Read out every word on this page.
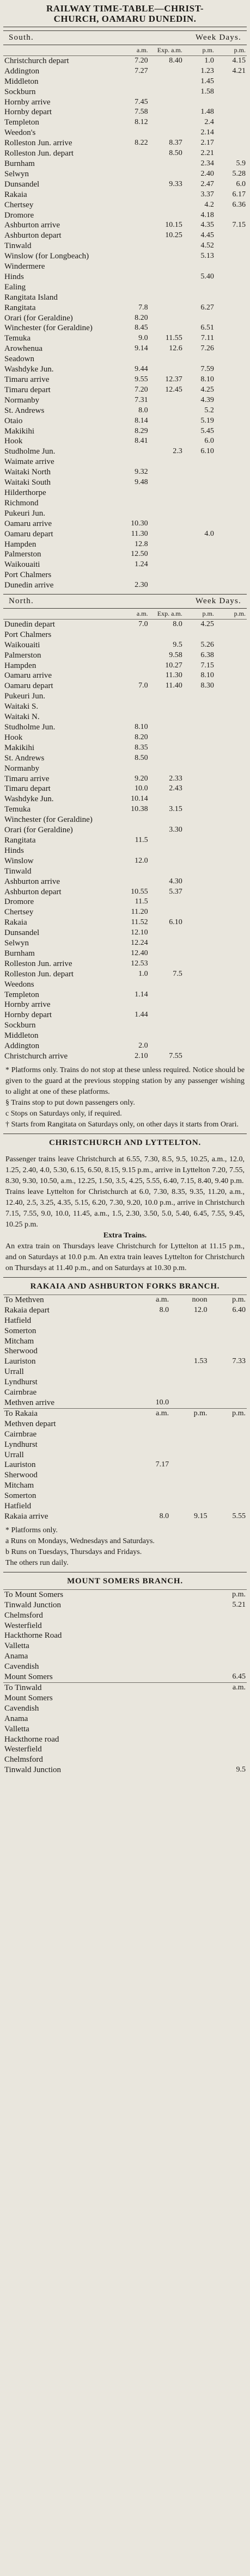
RAILWAY TIME-TABLE—CHRIST-
CHURCH, OAMARU DUNEDIN.
South.	Week Days.
	a.m.	Exp. a.m.	p.m.	p.m.
Christchurch depart	7.20	8.40	1.0	4.15
Addington	7.27		1.23	4.21
Middleton			1.45	
Sockburn			1.58	
Hornby arrive	7.45			
Hornby depart	7.58		1.48	
Templeton	8.12		2.4	
Weedon's			2.14	
Rolleston Jun. arrive	8.22	8.37	2.17	
Rolleston Jun. depart		8.50	2.21	
Burnham			2.34	5.9
Selwyn			2.40	5.28
Dunsandel		9.33	2.47	6.0
Rakaia			3.37	6.17
Chertsey			4.2	6.36
Dromore			4.18	
Ashburton arrive		10.15	4.35	7.15
Ashburton depart		10.25	4.45	
Tinwald			4.52	
Winslow (for Longbeach)			5.13	
Windermere				
Hinds			5.40	
Ealing				
Rangitata Island				
Rangitata	7.8		6.27	
Orari (for Geraldine)	8.20			
Winchester (for Geraldine)	8.45		6.51	
Temuka	9.0	11.55	7.11	
Arowhenua	9.14	12.6	7.26	
Seadown				
Washdyke Jun.	9.44		7.59	
Timaru arrive	9.55	12.37	8.10	
Timaru depart	7.20	12.45	4.25	
Normanby	7.31		4.39	
St. Andrews	8.0		5.2	
Otaio	8.14		5.19	
Makikihi	8.29		5.45	
Hook	8.41		6.0	
Studholme Jun.		2.3	6.10	
Waimate arrive				
Waitaki North	9.32			
Waitaki South	9.48			
Hilderthorpe				
Richmond				
Pukeuri Jun.				
Oamaru arrive	10.30			
Oamaru depart	11.30		4.0	
Hampden	12.8			
Palmerston	12.50			
Waikouaiti	1.24			
Port Chalmers				
Dunedin arrive	2.30			
North.	Week Days.
	a.m.	Exp. a.m.	p.m.	p.m.
Dunedin depart	7.0	8.0	4.25	
Port Chalmers				
Waikouaiti		9.5	5.26	
Palmerston		9.58	6.38	
Hampden		10.27	7.15	
Oamaru arrive		11.30	8.10	
Oamaru depart	7.0	11.40	8.30	
Pukeuri Jun.				
Waitaki S.				
Waitaki N.				
Studholme Jun.	8.10			
Hook	8.20			
Makikihi	8.35			
St. Andrews	8.50			
Normanby				
Timaru arrive	9.20	2.33		
Timaru depart	10.0	2.43		
Washdyke Jun.	10.14			
Temuka	10.38	3.15		
Winchester (for Geraldine)				
Orari (for Geraldine)		3.30		
Rangitata	11.5			
Hinds				
Winslow	12.0			
Tinwald				
Ashburton arrive		4.30		
Ashburton depart	10.55	5.37		
Dromore	11.5			
Chertsey	11.20			
Rakaia	11.52	6.10		
Dunsandel	12.10			
Selwyn	12.24			
Burnham	12.40			
Rolleston Jun. arrive	12.53			
Rolleston Jun. depart	1.0	7.5		
Weedons				
Templeton	1.14			
Hornby arrive				
Hornby depart	1.44			
Sockburn				
Middleton				
Addington	2.0			
Christchurch arrive	2.10	7.55		
* Platforms only. Trains do not stop at these unless required. Notice should be given to the guard at the previous stopping station by any passenger wishing to alight at one of these platforms.
§ Trains stop to put down passengers only.
c Stops on Saturdays only, if required.
† Starts from Rangitata on Saturdays only, on other days it starts from Orari.
CHRISTCHURCH AND LYTTELTON.
Passenger trains leave Christchurch at 6.55, 7.30, 8.5, 9.5, 10.25, a.m., 12.0, 1.25, 2.40, 4.0, 5.30, 6.15, 6.50, 8.15, 9.15 p.m., arrive in Lyttelton 7.20, 7.55, 8.30, 9.30, 10.50, a.m., 12.25, 1.50, 3.5, 4.25, 5.55, 6.40, 7.15, 8.40, 9.40 p.m.
Trains leave Lyttelton for Christchurch at 6.0, 7.30, 8.35, 9.35, 11.20, a.m., 12.40, 2.5, 3.25, 4.35, 5.15, 6.20, 7.30, 9.20, 10.0 p.m., arrive in Christchurch 7.15, 7.55, 9.0, 10.0, 11.45, a.m., 1.5, 2.30, 3.50, 5.0, 5.40, 6.45, 7.55, 9.45, 10.25 p.m.
Extra Trains.
An extra train on Thursdays leave Christchurch for Lyttelton at 11.15 p.m., and on Saturdays at 10.0 p.m. An extra train leaves Lyttelton for Christchurch on Thursdays at 11.40 p.m., and on Saturdays at 10.30 p.m.
RAKAIA AND ASHBURTON FORKS BRANCH.
To Methven	a.m.	noon	p.m.
Rakaia depart	8.0	12.0	6.40
Hatfield			
Somerton			
Mitcham			
Sherwood			
Lauriston		1.53	7.33
Urrall			
Lyndhurst			
Cairnbrae			
Methven arrive	10.0		
To Rakaia	a.m.	p.m.	p.m.
Methven depart			
Cairnbrae			
Lyndhurst			
Urrall			
Lauriston	7.17		
Sherwood			
Mitcham			
Somerton			
Hatfield			
Rakaia arrive	8.0	9.15	5.55
* Platforms only.
a Runs on Mondays, Wednesdays and Saturdays.
b Runs on Tuesdays, Thursdays and Fridays.
The others run daily.
MOUNT SOMERS BRANCH.
To Mount Somers	p.m.
Tinwald Junction	5.21
Chelmsford	
Westerfield	
Hackthorne Road	
Valletta	
Anama	
Cavendish	
Mount Somers	6.45
To Tinwald	a.m.
Mount Somers	
Cavendish	
Anama	
Valletta	
Hackthorne road	
Westerfield	
Chelmsford	
Tinwald Junction	9.5
